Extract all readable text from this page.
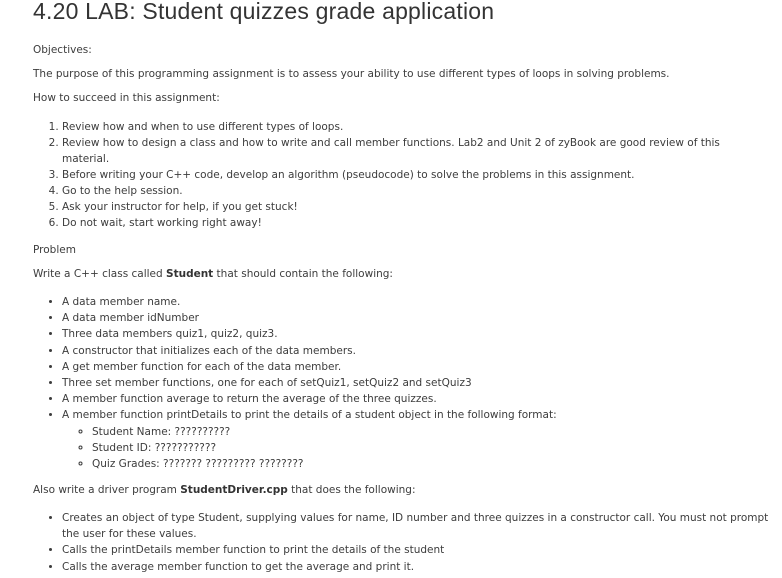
4.20 LAB: Student quizzes grade application
Objectives:
The purpose of this programming assignment is to assess your ability to use different types of loops in solving problems.
How to succeed in this assignment:
1. Review how and when to use different types of loops.
2. Review how to design a class and how to write and call member functions. Lab2 and Unit 2 of zyBook are good review of this material.
3. Before writing your C++ code, develop an algorithm (pseudocode) to solve the problems in this assignment.
4. Go to the help session.
5. Ask your instructor for help, if you get stuck!
6. Do not wait, start working right away!
Problem
Write a C++ class called Student that should contain the following:
• A data member name.
• A data member idNumber
• Three data members quiz1, quiz2, quiz3.
• A constructor that initializes each of the data members.
• A get member function for each of the data member.
• Three set member functions, one for each of setQuiz1, setQuiz2 and setQuiz3
• A member function average to return the average of the three quizzes.
• A member function printDetails to print the details of a student object in the following format:
◦ Student Name: ??????????
◦ Student ID: ???????????
◦ Quiz Grades: ??????? ????????? ????????
Also write a driver program StudentDriver.cpp that does the following:
• Creates an object of type Student, supplying values for name, ID number and three quizzes in a constructor call. You must not prompt the user for these values.
• Calls the printDetails member function to print the details of the student
• Calls the average member function to get the average and print it.
